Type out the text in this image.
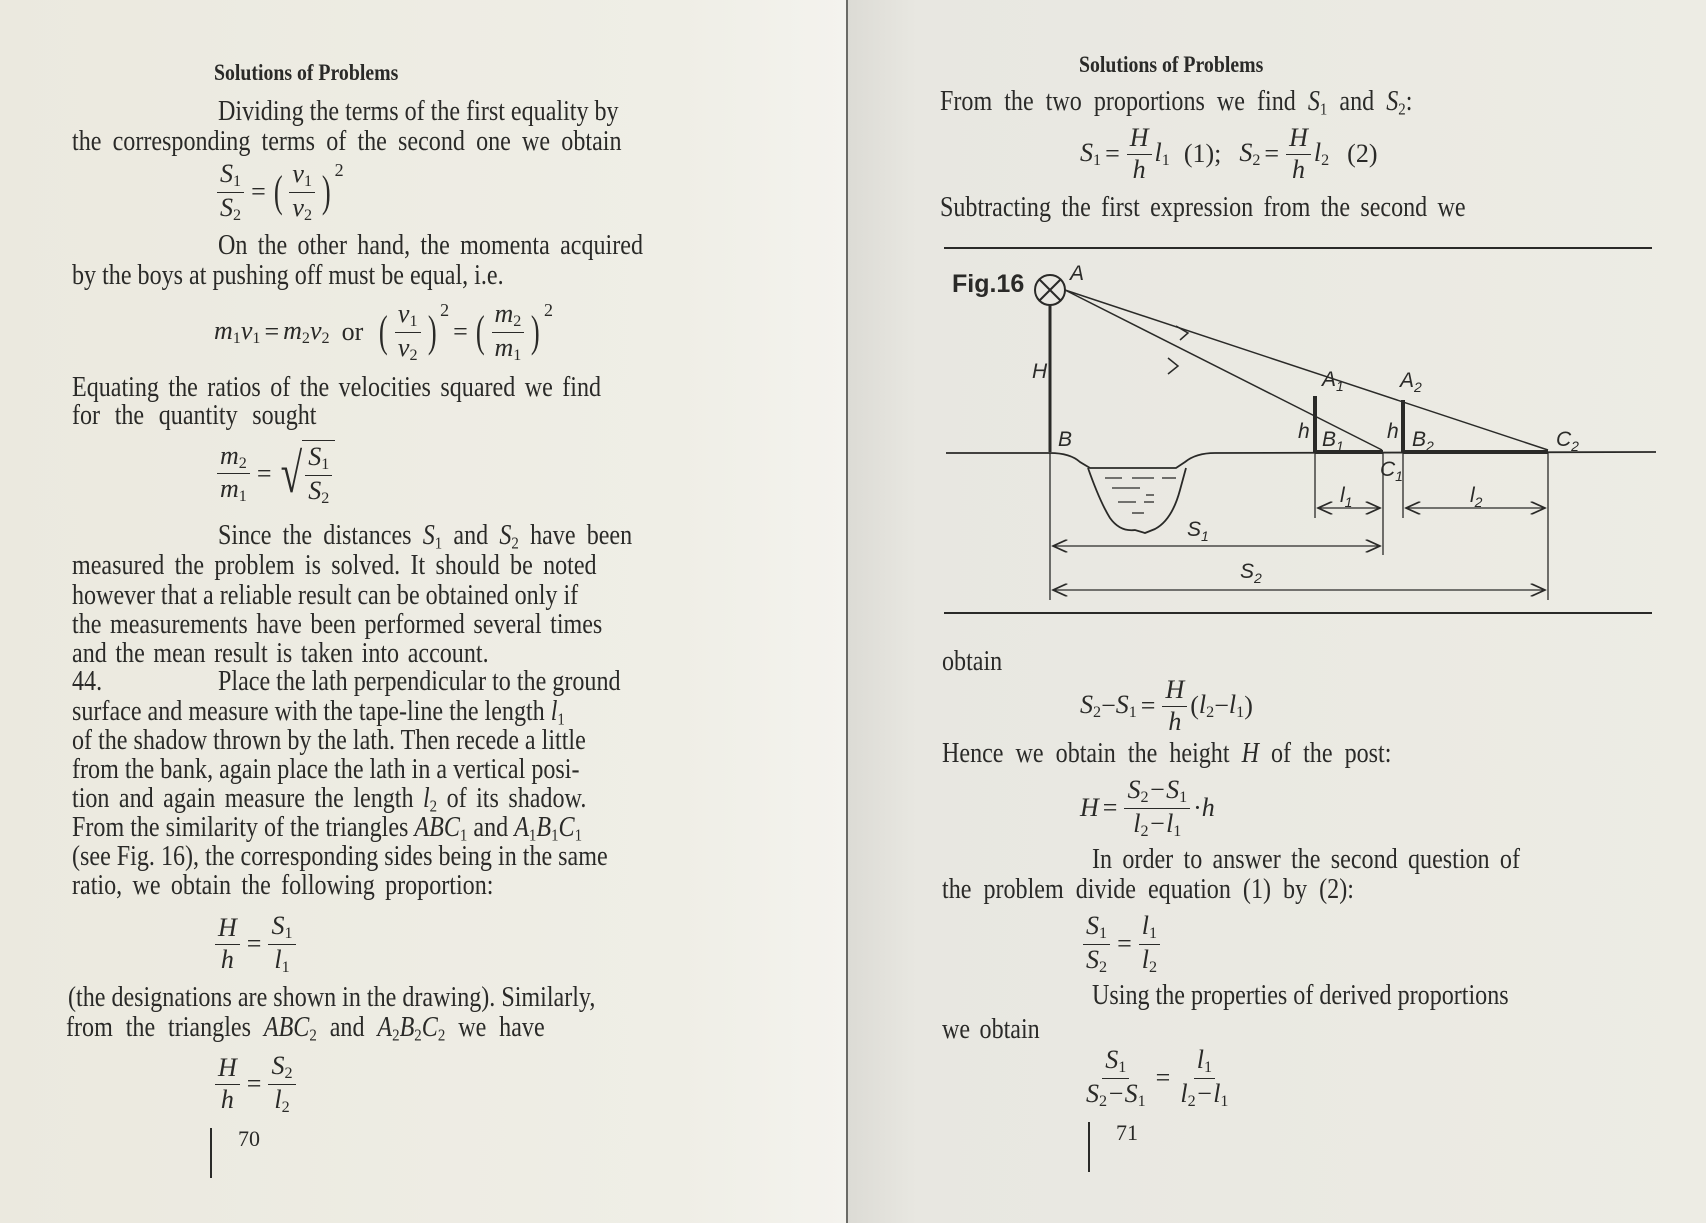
Solutions of Problems
Dividing the terms of the first equality by
the corresponding terms of the second one we obtain
$\frac{S_1}{S_2}$ = ( $\frac{v_1}{v_2} )^2$
On the other hand, the momenta acquired
by the boys at pushing off must be equal, i.e.
$m_1v_1 = m_2v_2$ or ( $\frac{v_1}{v_2} )^2$
= ( $\frac{m_2}{m_1} )^2$
Equating the ratios of the velocities squared we find
for the quantity sought
$\frac{m_2}{m_1}$ = √ $\frac{S_1}{S_2}$
Since the distances $S_1$ and $S_2$ have been
measured the problem is solved. It should be noted
however that a reliable result can be obtained only if
the measurements have been performed several times
and the mean result is taken into account.
44.	Place the lath perpendicular to the ground
surface and measure with the tape-line the length $l_1$
of the shadow thrown by the lath. Then recede a little
from the bank, again place the lath in a vertical posi-
tion and again measure the length $l_2$ of its shadow.
From the similarity of the triangles $ABC_1$ and $A_1B_1C_1$
(see Fig. 16), the corresponding sides being in the same
ratio, we obtain the following proportion:
$\frac{H}{h} = \frac{S_1}{l_1}$
(the designations are shown in the drawing). Similarly,
from the triangles $ABC_2$ and $A_2B_2C_2$ we have
$\frac{H}{h} = \frac{S_2}{l_2}$
70
Solutions of Problems
From the two proportions we find $S_1$ and $S_2$:
$S_1 = \frac{H}{h} l_1$ (1); $S_2 = \frac{H}{h} l_2$ (2)
Subtracting the first expression from the second we
Fig.16 A
H
B
$A_1$
h $B_1$
$C_1$
$l_1$
$A_2$
h $B_2$	$C_2$
$l_2$
$S_1$
$S_2$
obtain
$S_2 - S_1 = \frac{H}{h}$ ( $l_2 - l_1$ )
Hence we obtain the height H of the post:
$H = \frac{S_2-S_1}{l_2-l_1} \cdot h$
In order to answer the second question of
the problem divide equation (1) by (2):
$\frac{S_1}{S_2} = \frac{l_1}{l_2}$
Using the properties of derived proportions
we obtain
$\frac{S_1}{S_2-S_1} = \frac{l_1}{l_2-l_1}$
71
